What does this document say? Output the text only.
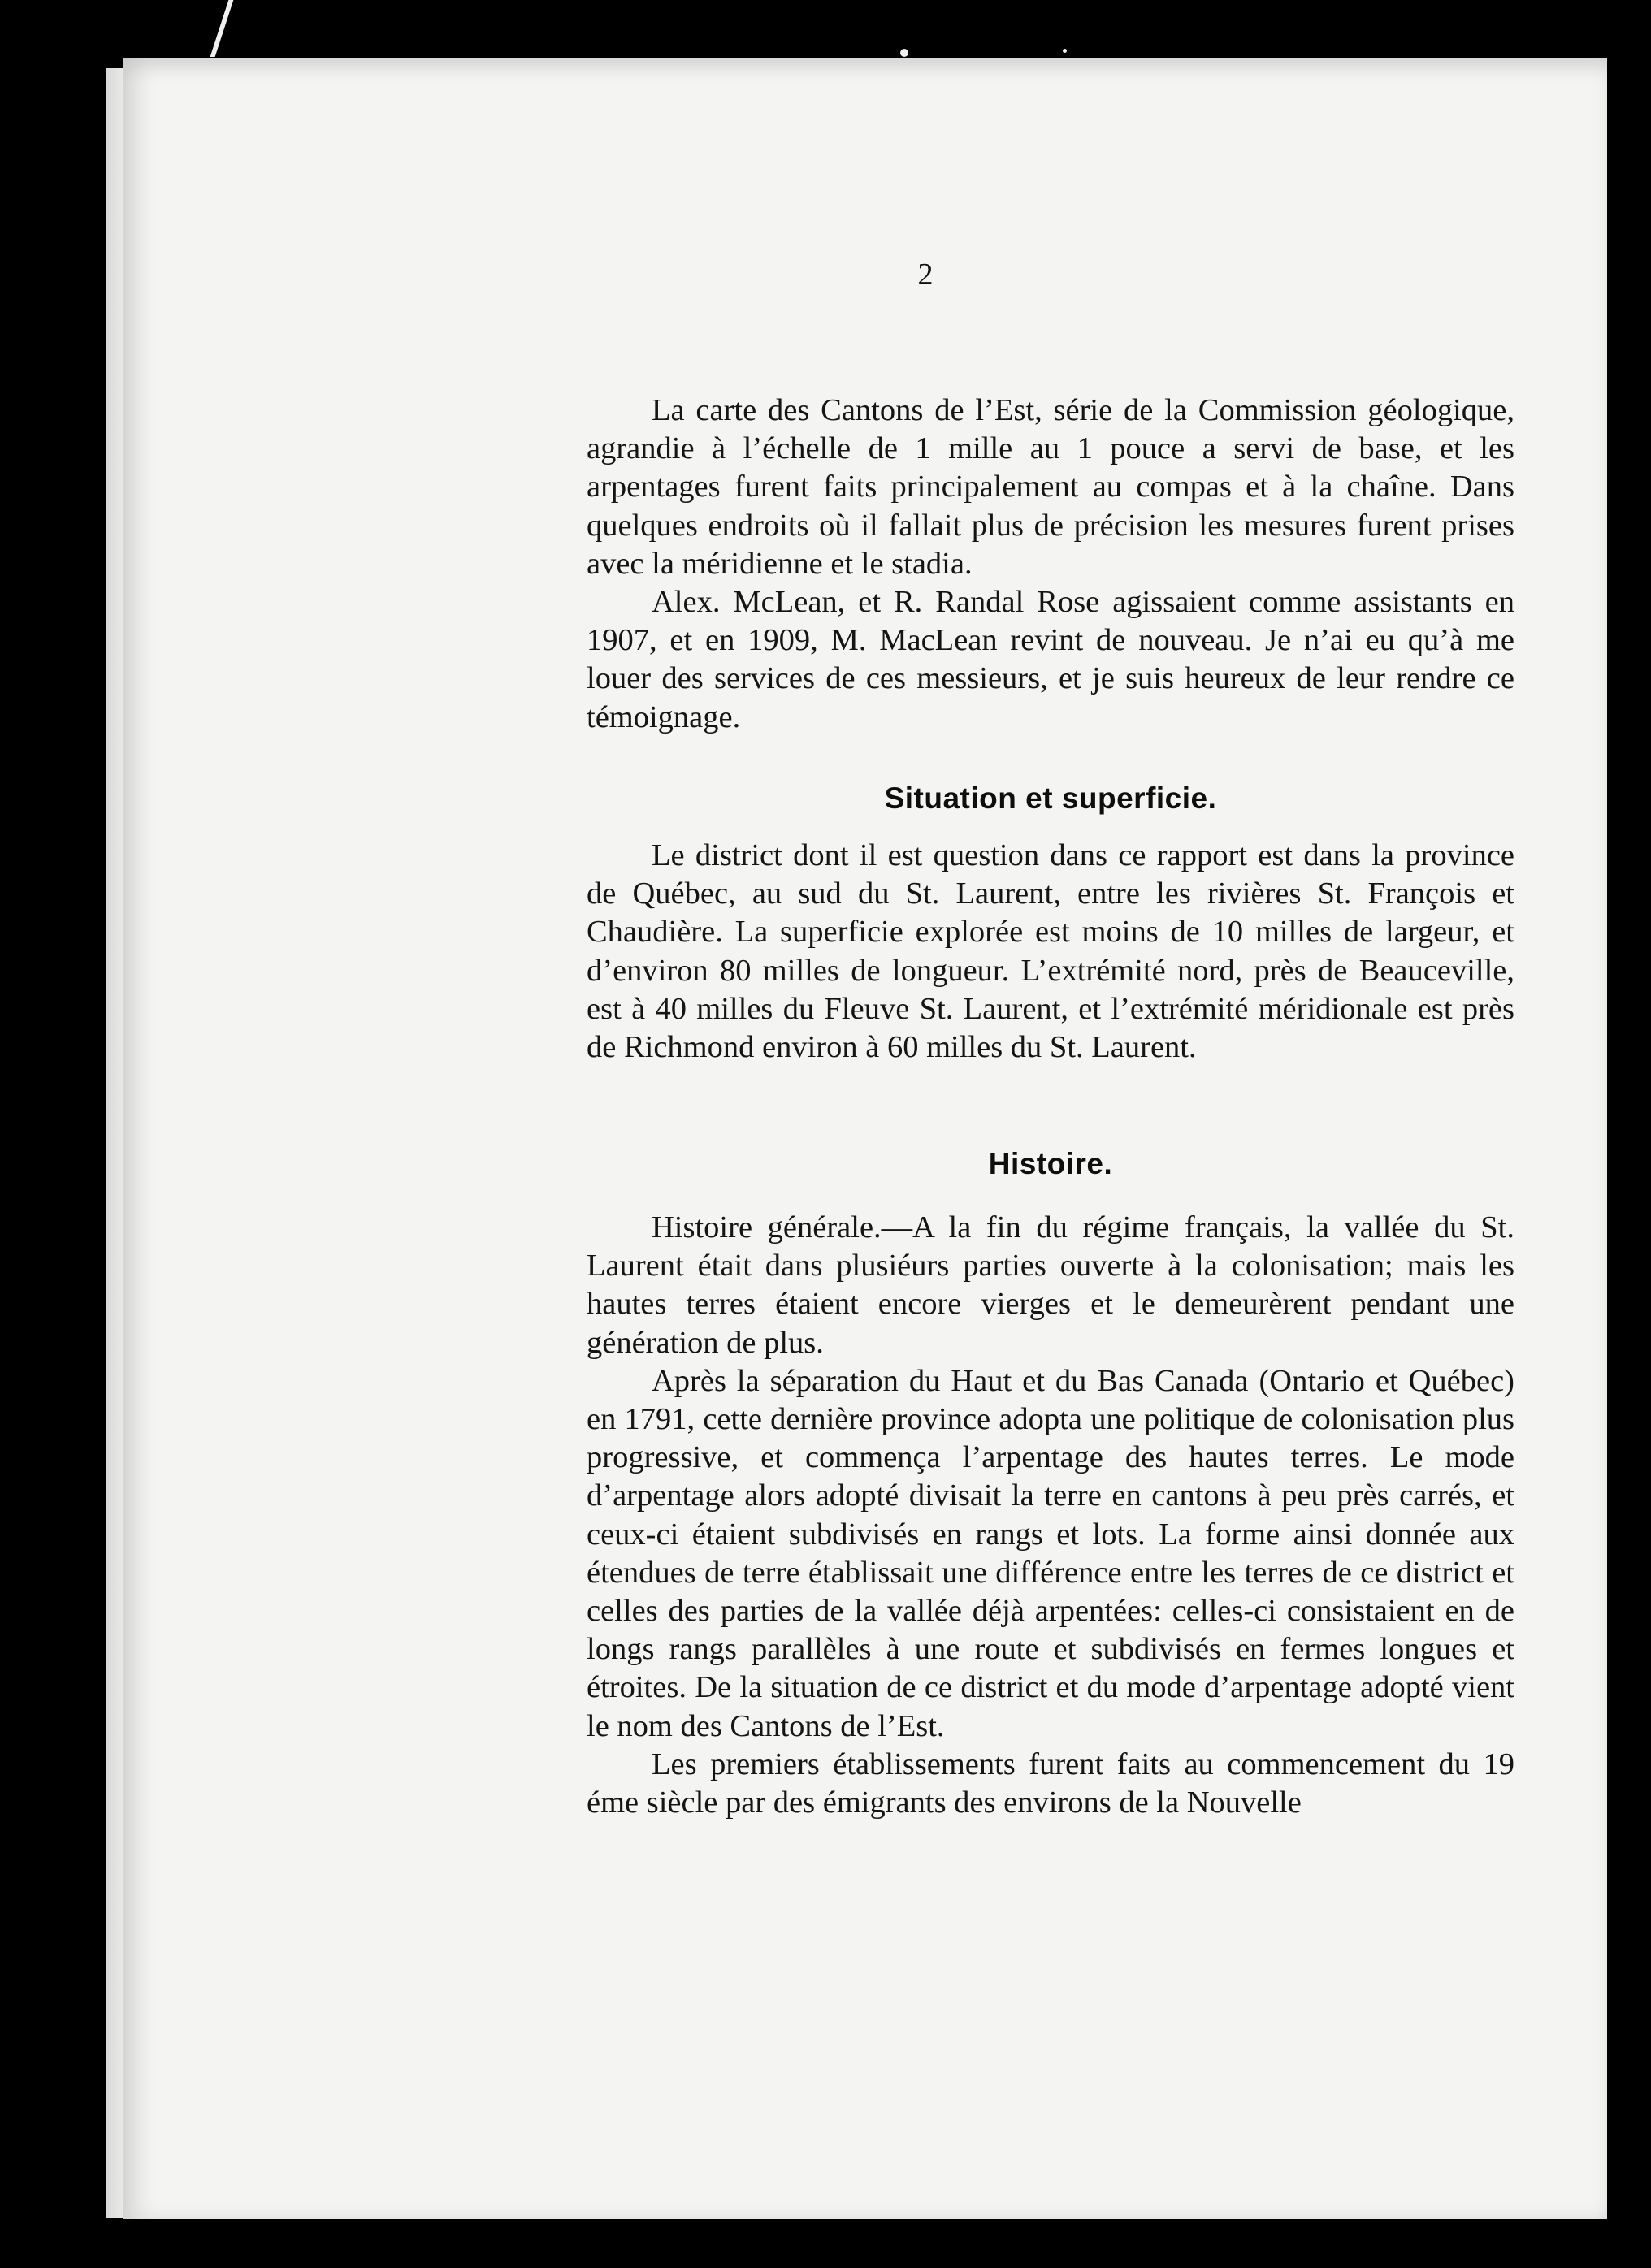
2

La carte des Cantons de l’Est, série de la Commission géologique, agrandie à l’échelle de 1 mille au 1 pouce a servi de base, et les arpentages furent faits principalement au compas et à la chaîne. Dans quelques endroits où il fallait plus de précision les mesures furent prises avec la méridienne et le stadia.

Alex. McLean, et R. Randal Rose agissaient comme assistants en 1907, et en 1909, M. MacLean revint de nouveau. Je n’ai eu qu’à me louer des services de ces messieurs, et je suis heureux de leur rendre ce témoignage.

Situation et superficie.

Le district dont il est question dans ce rapport est dans la province de Québec, au sud du St. Laurent, entre les rivières St. François et Chaudière. La superficie explorée est moins de 10 milles de largeur, et d’environ 80 milles de longueur. L’extrémité nord, près de Beauceville, est à 40 milles du Fleuve St. Laurent, et l’extrémité méridionale est près de Richmond environ à 60 milles du St. Laurent.

Histoire.

Histoire générale.—A la fin du régime français, la vallée du St. Laurent était dans plusiéurs parties ouverte à la colonisation; mais les hautes terres étaient encore vierges et le demeurèrent pendant une génération de plus.

Après la séparation du Haut et du Bas Canada (Ontario et Québec) en 1791, cette dernière province adopta une politique de colonisation plus progressive, et commença l’arpentage des hautes terres. Le mode d’arpentage alors adopté divisait la terre en cantons à peu près carrés, et ceux-ci étaient subdivisés en rangs et lots. La forme ainsi donnée aux étendues de terre établissait une différence entre les terres de ce district et celles des parties de la vallée déjà arpentées: celles-ci consistaient en de longs rangs parallèles à une route et subdivisés en fermes longues et étroites. De la situation de ce district et du mode d’arpentage adopté vient le nom des Cantons de l’Est.

Les premiers établissements furent faits au commencement du 19 éme siècle par des émigrants des environs de la Nouvelle
